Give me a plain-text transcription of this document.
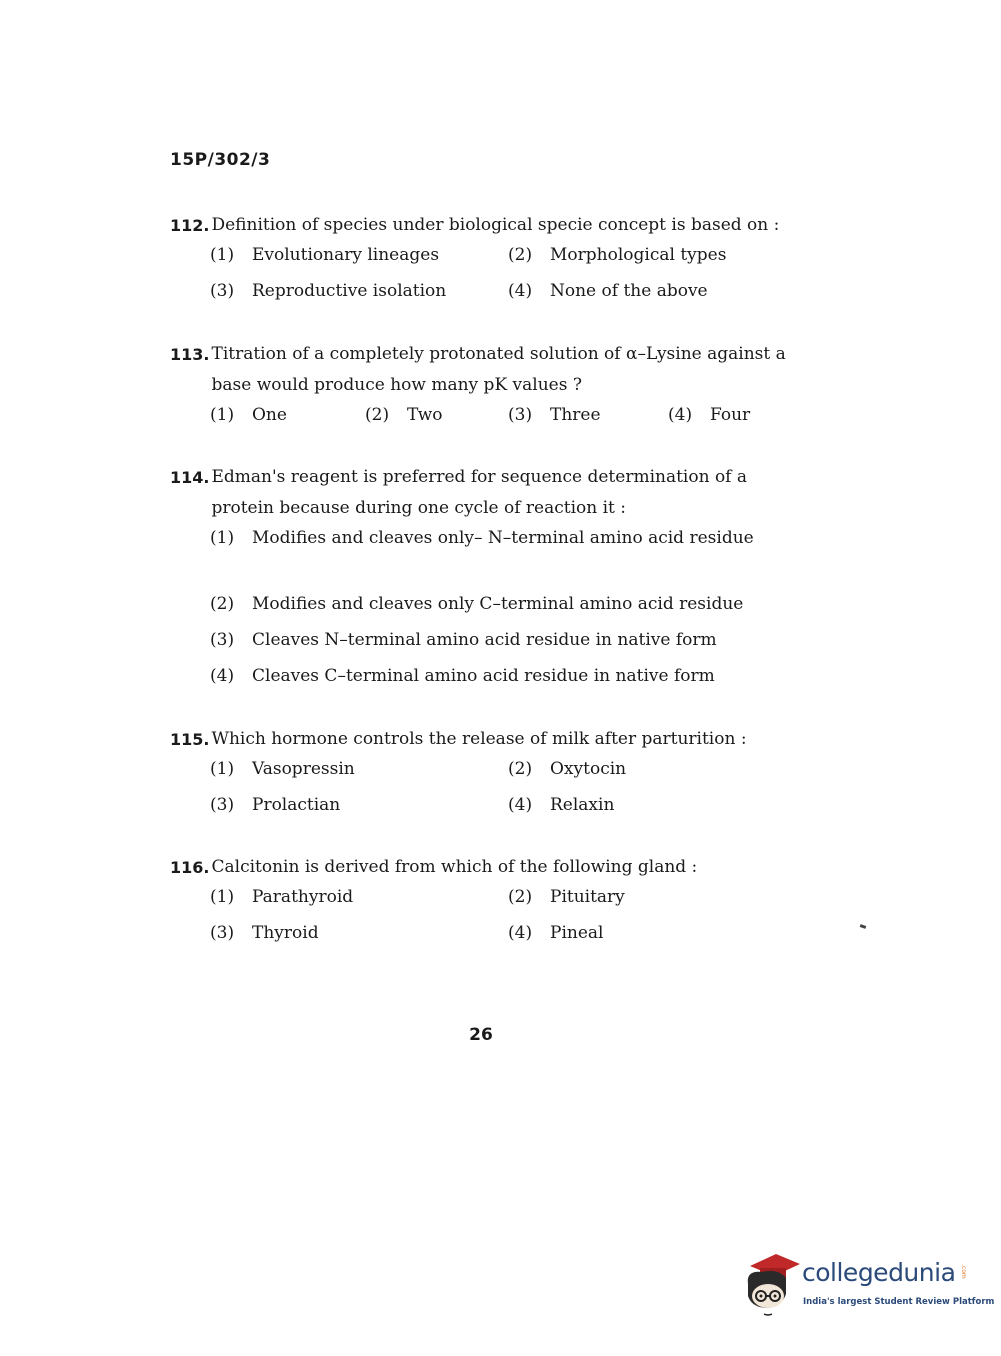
15P/302/3
112. Definition of species under biological specie concept is based on :
(1)	Evolutionary lineages	(2)	Morphological types
(3)	Reproductive isolation	(4)	None of the above
113. Titration of a completely protonated solution of α–Lysine against a base would produce how many pK values ?
(1)	One	(2)	Two	(3)	Three	(4)	Four
114. Edman's reagent is preferred for sequence determination of a protein because during one cycle of reaction it :
(1)	Modifies and cleaves only– N–terminal amino acid residue
(2)	Modifies and cleaves only C–terminal amino acid residue
(3)	Cleaves N–terminal amino acid residue in native form
(4)	Cleaves C–terminal amino acid residue in native form
115. Which hormone controls the release of milk after parturition :
(1)	Vasopressin	(2)	Oxytocin
(3)	Prolactian	(4)	Relaxin
116. Calcitonin is derived from which of the following gland :
(1)	Parathyroid	(2)	Pituitary
(3)	Thyroid	(4)	Pineal
26
collegedunia .com
India's largest Student Review Platform
